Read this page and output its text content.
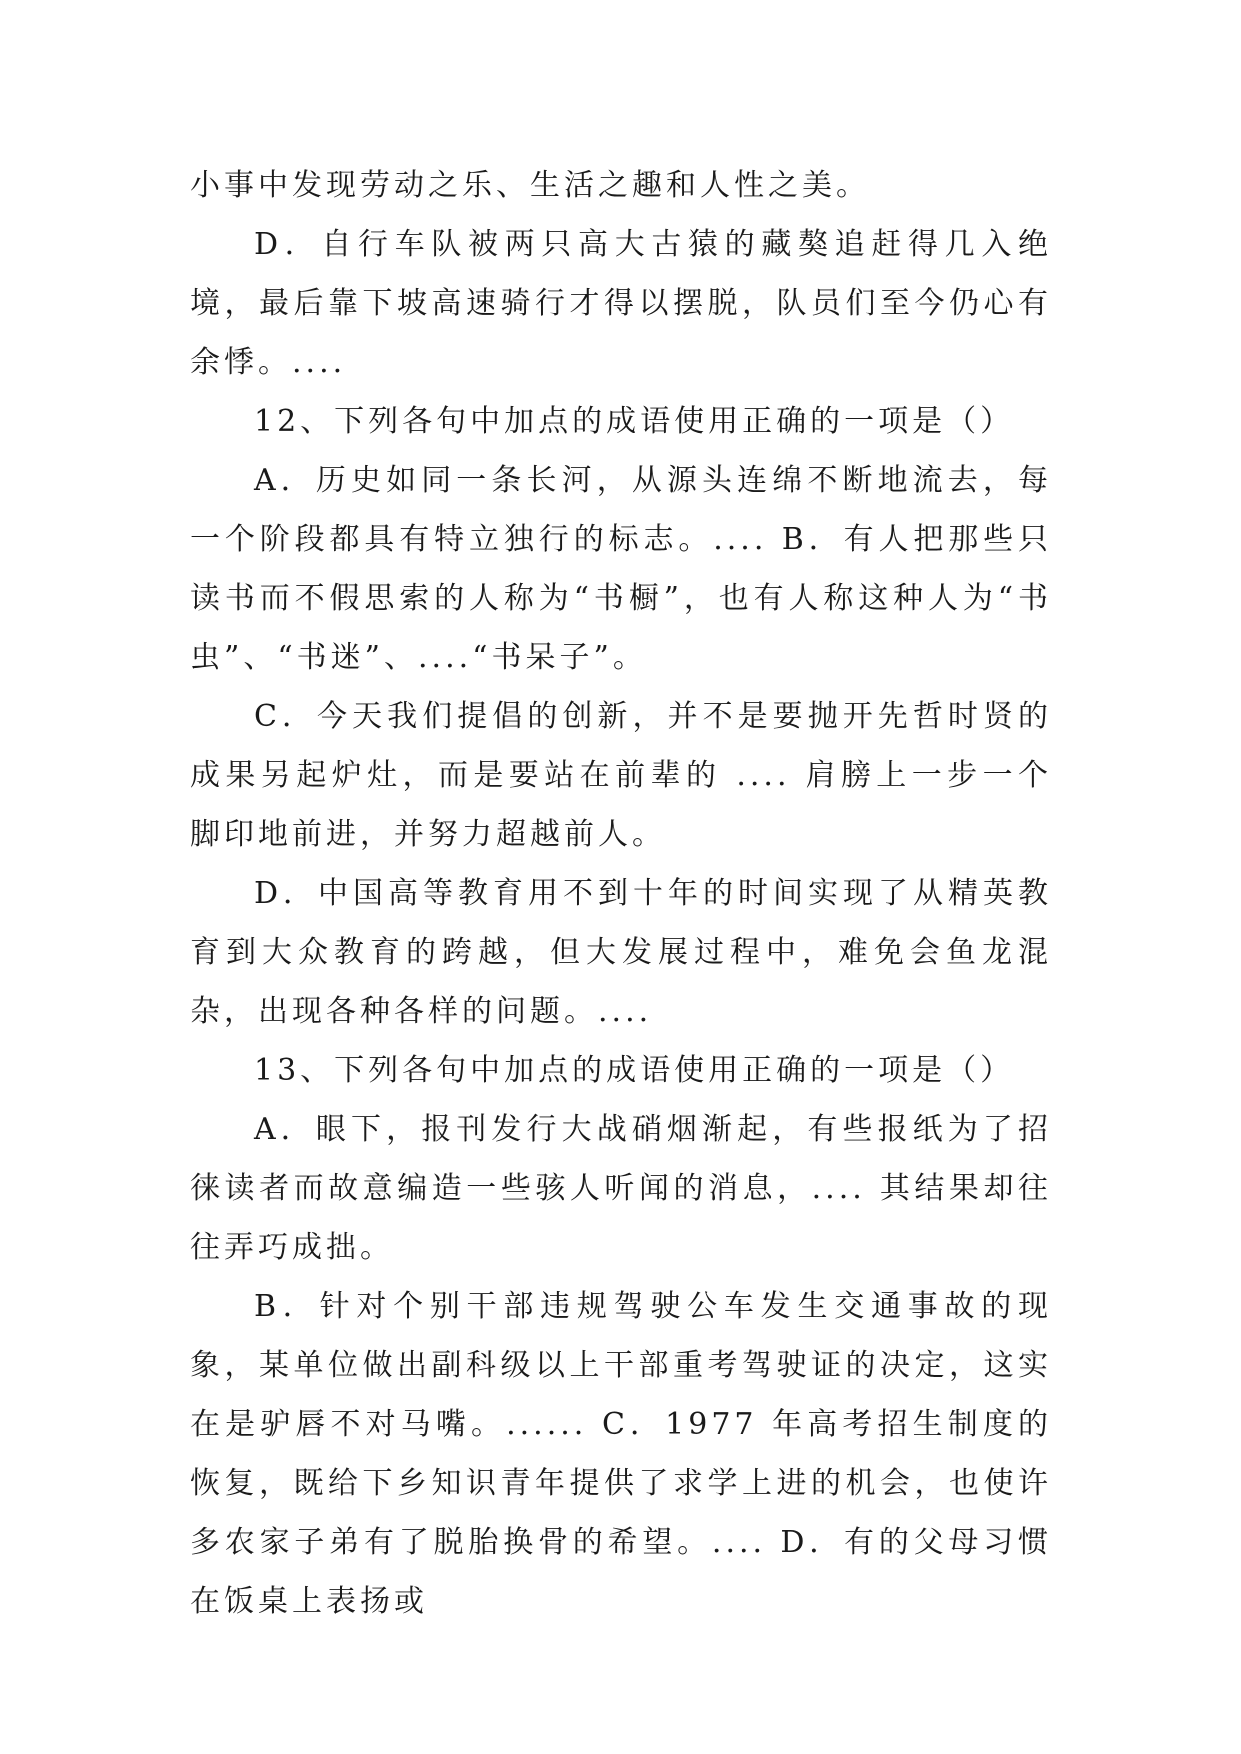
小事中发现劳动之乐、生活之趣和人性之美。

D．自行车队被两只高大古猿的藏獒追赶得几入绝境，最后靠下坡高速骑行才得以摆脱，队员们至今仍心有余悸。....

12、下列各句中加点的成语使用正确的一项是（）

A．历史如同一条长河，从源头连绵不断地流去，每一个阶段都具有特立独行的标志。.... B．有人把那些只读书而不假思索的人称为“书橱”，也有人称这种人为“书虫”、“书迷”、....“书呆子”。

C．今天我们提倡的创新，并不是要抛开先哲时贤的成果另起炉灶，而是要站在前辈的 .... 肩膀上一步一个脚印地前进，并努力超越前人。

D．中国高等教育用不到十年的时间实现了从精英教育到大众教育的跨越，但大发展过程中，难免会鱼龙混杂，出现各种各样的问题。....

13、下列各句中加点的成语使用正确的一项是（）

A．眼下，报刊发行大战硝烟渐起，有些报纸为了招徕读者而故意编造一些骇人听闻的消息，.... 其结果却往往弄巧成拙。

B．针对个别干部违规驾驶公车发生交通事故的现象，某单位做出副科级以上干部重考驾驶证的决定，这实在是驴唇不对马嘴。...... C．1977 年高考招生制度的恢复，既给下乡知识青年提供了求学上进的机会，也使许多农家子弟有了脱胎换骨的希望。.... D．有的父母习惯在饭桌上表扬或
